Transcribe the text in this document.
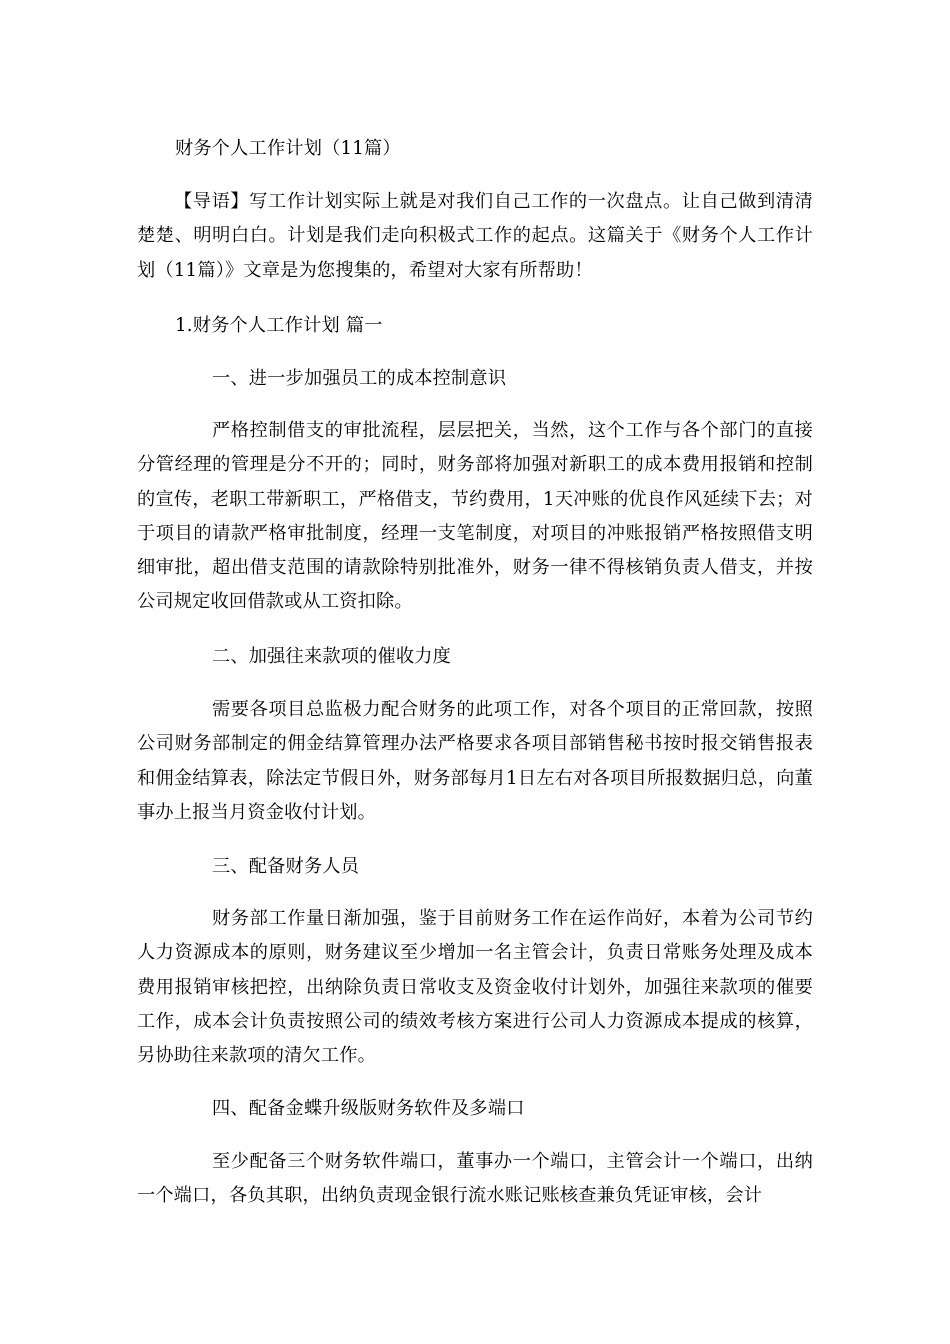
财务个人工作计划（11篇）

【导语】写工作计划实际上就是对我们自己工作的一次盘点。让自己做到清清楚楚、明明白白。计划是我们走向积极式工作的起点。这篇关于《财务个人工作计划（11篇）》文章是为您搜集的，希望对大家有所帮助！

1.财务个人工作计划 篇一

一、进一步加强员工的成本控制意识

严格控制借支的审批流程，层层把关，当然，这个工作与各个部门的直接分管经理的管理是分不开的；同时，财务部将加强对新职工的成本费用报销和控制的宣传，老职工带新职工，严格借支，节约费用，1天冲账的优良作风延续下去；对于项目的请款严格审批制度，经理一支笔制度，对项目的冲账报销严格按照借支明细审批，超出借支范围的请款除特别批准外，财务一律不得核销负责人借支，并按公司规定收回借款或从工资扣除。

二、加强往来款项的催收力度

需要各项目总监极力配合财务的此项工作，对各个项目的正常回款，按照公司财务部制定的佣金结算管理办法严格要求各项目部销售秘书按时报交销售报表和佣金结算表，除法定节假日外，财务部每月1日左右对各项目所报数据归总，向董事办上报当月资金收付计划。

三、配备财务人员

财务部工作量日渐加强，鉴于目前财务工作在运作尚好，本着为公司节约人力资源成本的原则，财务建议至少增加一名主管会计，负责日常账务处理及成本费用报销审核把控，出纳除负责日常收支及资金收付计划外，加强往来款项的催要工作，成本会计负责按照公司的绩效考核方案进行公司人力资源成本提成的核算，另协助往来款项的清欠工作。

四、配备金蝶升级版财务软件及多端口

至少配备三个财务软件端口，董事办一个端口，主管会计一个端口，出纳一个端口，各负其职，出纳负责现金银行流水账记账核查兼负凭证审核，会计
